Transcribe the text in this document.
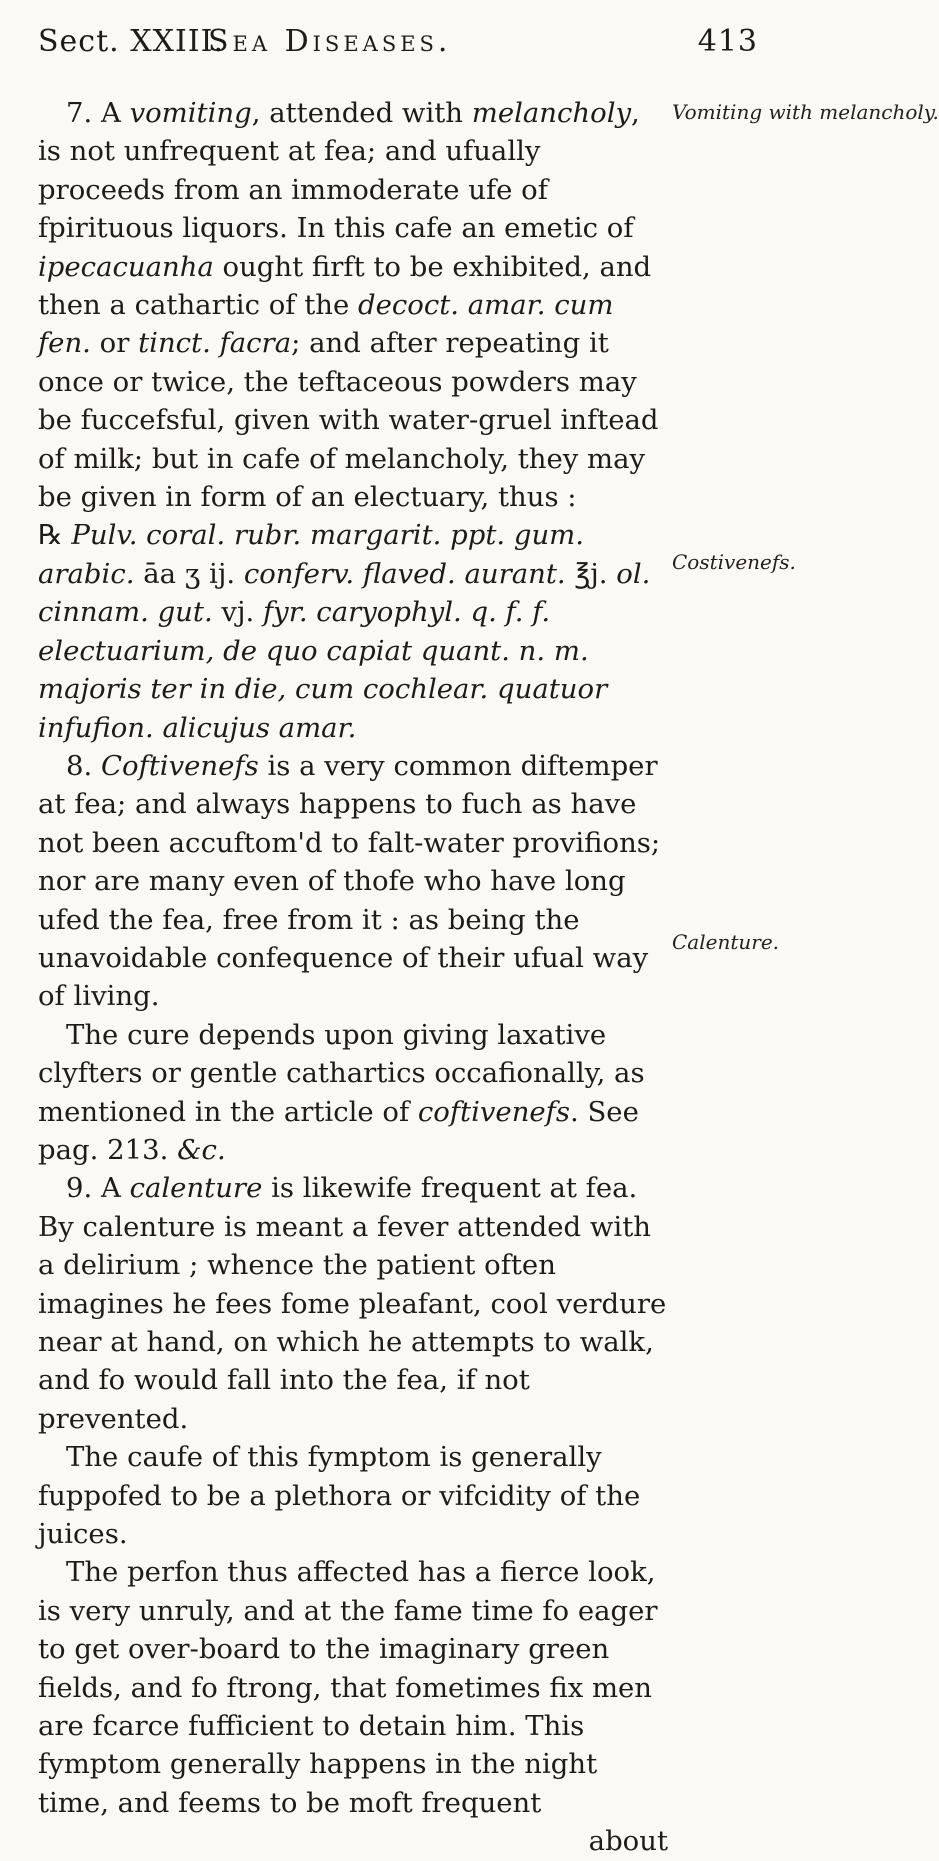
Sect. XXIII.
Sea Diseases.	413
Vomiting with melancholy.
Costivenefs.
Calenture.

7. A vomiting, attended with melancholy, is not unfrequent at fea; and ufually proceeds from an immoderate ufe of fpirituous liquors. In this cafe an emetic of ipecacuanha ought firft to be exhibited, and then a cathartic of the decoct. amar. cum fen. or tinct. facra; and after repeating it once or twice, the teftaceous powders may be fuccefsful, given with water-gruel inftead of milk; but in cafe of melancholy, they may be given in form of an electuary, thus :

℞ Pulv. coral. rubr. margarit. ppt. gum. arabic. āa ʒ ij. conferv. flaved. aurant. ℥j. ol. cinnam. gut. vj. fyr. caryophyl. q. f. f. electuarium, de quo capiat quant. n. m. majoris ter in die, cum cochlear. quatuor infufion. alicujus amar.

8. Coftivenefs is a very common diftemper at fea; and always happens to fuch as have not been accuftom'd to falt-water provifions; nor are many even of thofe who have long ufed the fea, free from it : as being the unavoidable confequence of their ufual way of living.

The cure depends upon giving laxative clyfters or gentle cathartics occafionally, as mentioned in the article of coftivenefs. See pag. 213. &c.

9. A calenture is likewife frequent at fea. By calenture is meant a fever attended with a delirium ; whence the patient often imagines he fees fome pleafant, cool verdure near at hand, on which he attempts to walk, and fo would fall into the fea, if not prevented.

The caufe of this fymptom is generally fuppofed to be a plethora or vifcidity of the juices.

The perfon thus affected has a fierce look, is very unruly, and at the fame time fo eager to get over-board to the imaginary green fields, and fo ftrong, that fometimes fix men are fcarce fufficient to detain him. This fymptom generally happens in the night time, and feems to be moft frequent

about
